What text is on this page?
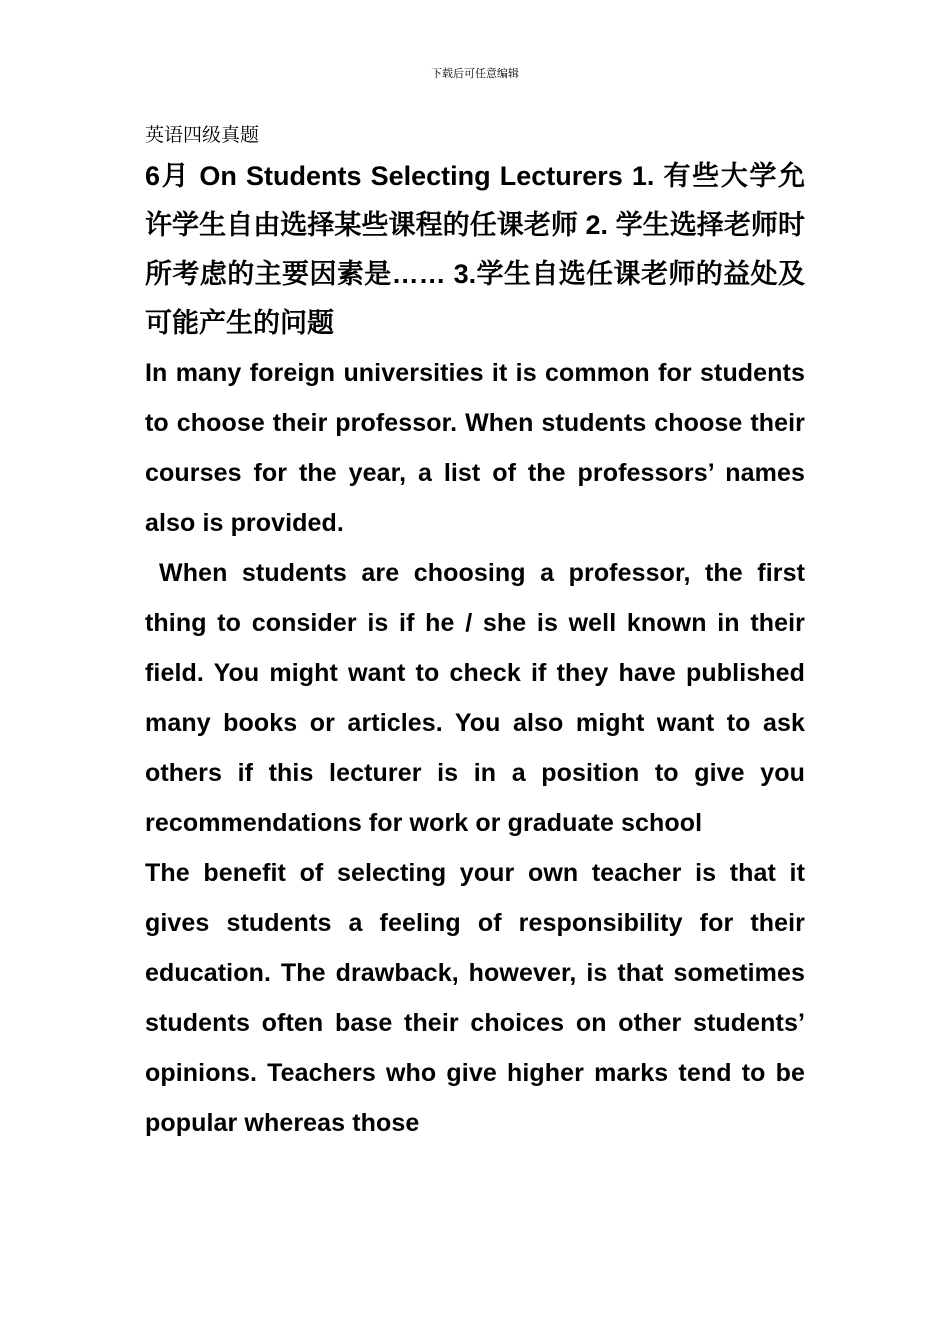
下载后可任意编辑
英语四级真题

6月 On Students Selecting Lecturers 1. 有些大学允许学生自由选择某些课程的任课老师 2. 学生选择老师时所考虑的主要因素是…… 3.学生自选任课老师的益处及可能产生的问题

In many foreign universities it is common for students to choose their professor. When students choose their courses for the year, a list of the professors’ names also is provided.

When students are choosing a professor, the first thing to consider is if he / she is well known in their field. You might want to check if they have published many books or articles. You also might want to ask others if this lecturer is in a position to give you recommendations for work or graduate school

The benefit of selecting your own teacher is that it gives students a feeling of responsibility for their education. The drawback, however, is that sometimes students often base their choices on other students’ opinions. Teachers who give higher marks tend to be popular whereas those
